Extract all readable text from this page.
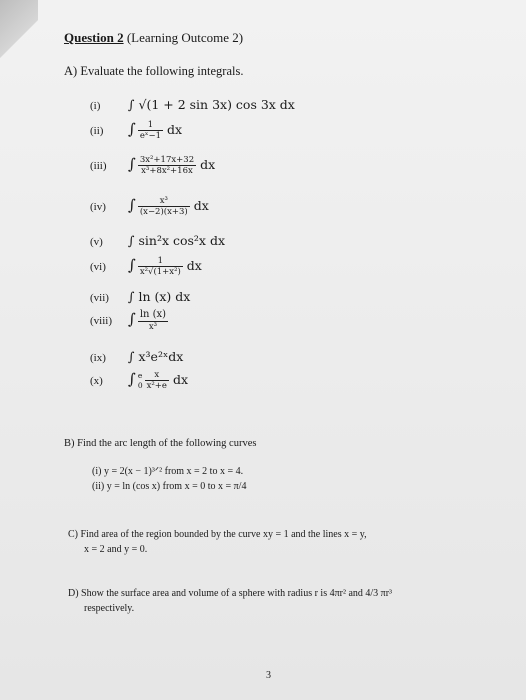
Question 2 (Learning Outcome 2)
A) Evaluate the following integrals.
(i) ∫ √(1 + 2 sin 3x) cos 3x dx
(ii) ∫ $\frac{1}{\text{eˣ−1}}$ dx
(iii) ∫ $\frac{\text{3x²+17x+32}}{\text{x³+8x²+16x}}$ dx
(iv) ∫ $\frac{\text{x³}}{(x-2)(x+3)}$ dx
(v) ∫ sin²x cos²x dx
(vi) ∫ $\frac{1}{\text{x²√(1+x²)}}$ dx
(vii) ∫ ln (x) dx
(viii) ∫ $\frac{\ln (x)}{\text{x³}}$
(ix) ∫ x³e²ˣdx
(x) ∫ e
$0 \frac{x}{\text{x²+e}}$ dx
B) Find the arc length of the following curves
(i) y = 2(x − 1)³ᐟ² from x = 2 to x = 4.
(ii) y = ln (cos x) from x = 0 to x = π/4
C) Find area of the region bounded by the curve xy = 1 and the lines x = y,
x = 2 and y = 0.
D) Show the surface area and volume of a sphere with radius r is 4πr² and 4/3 πr³
respectively.
3
